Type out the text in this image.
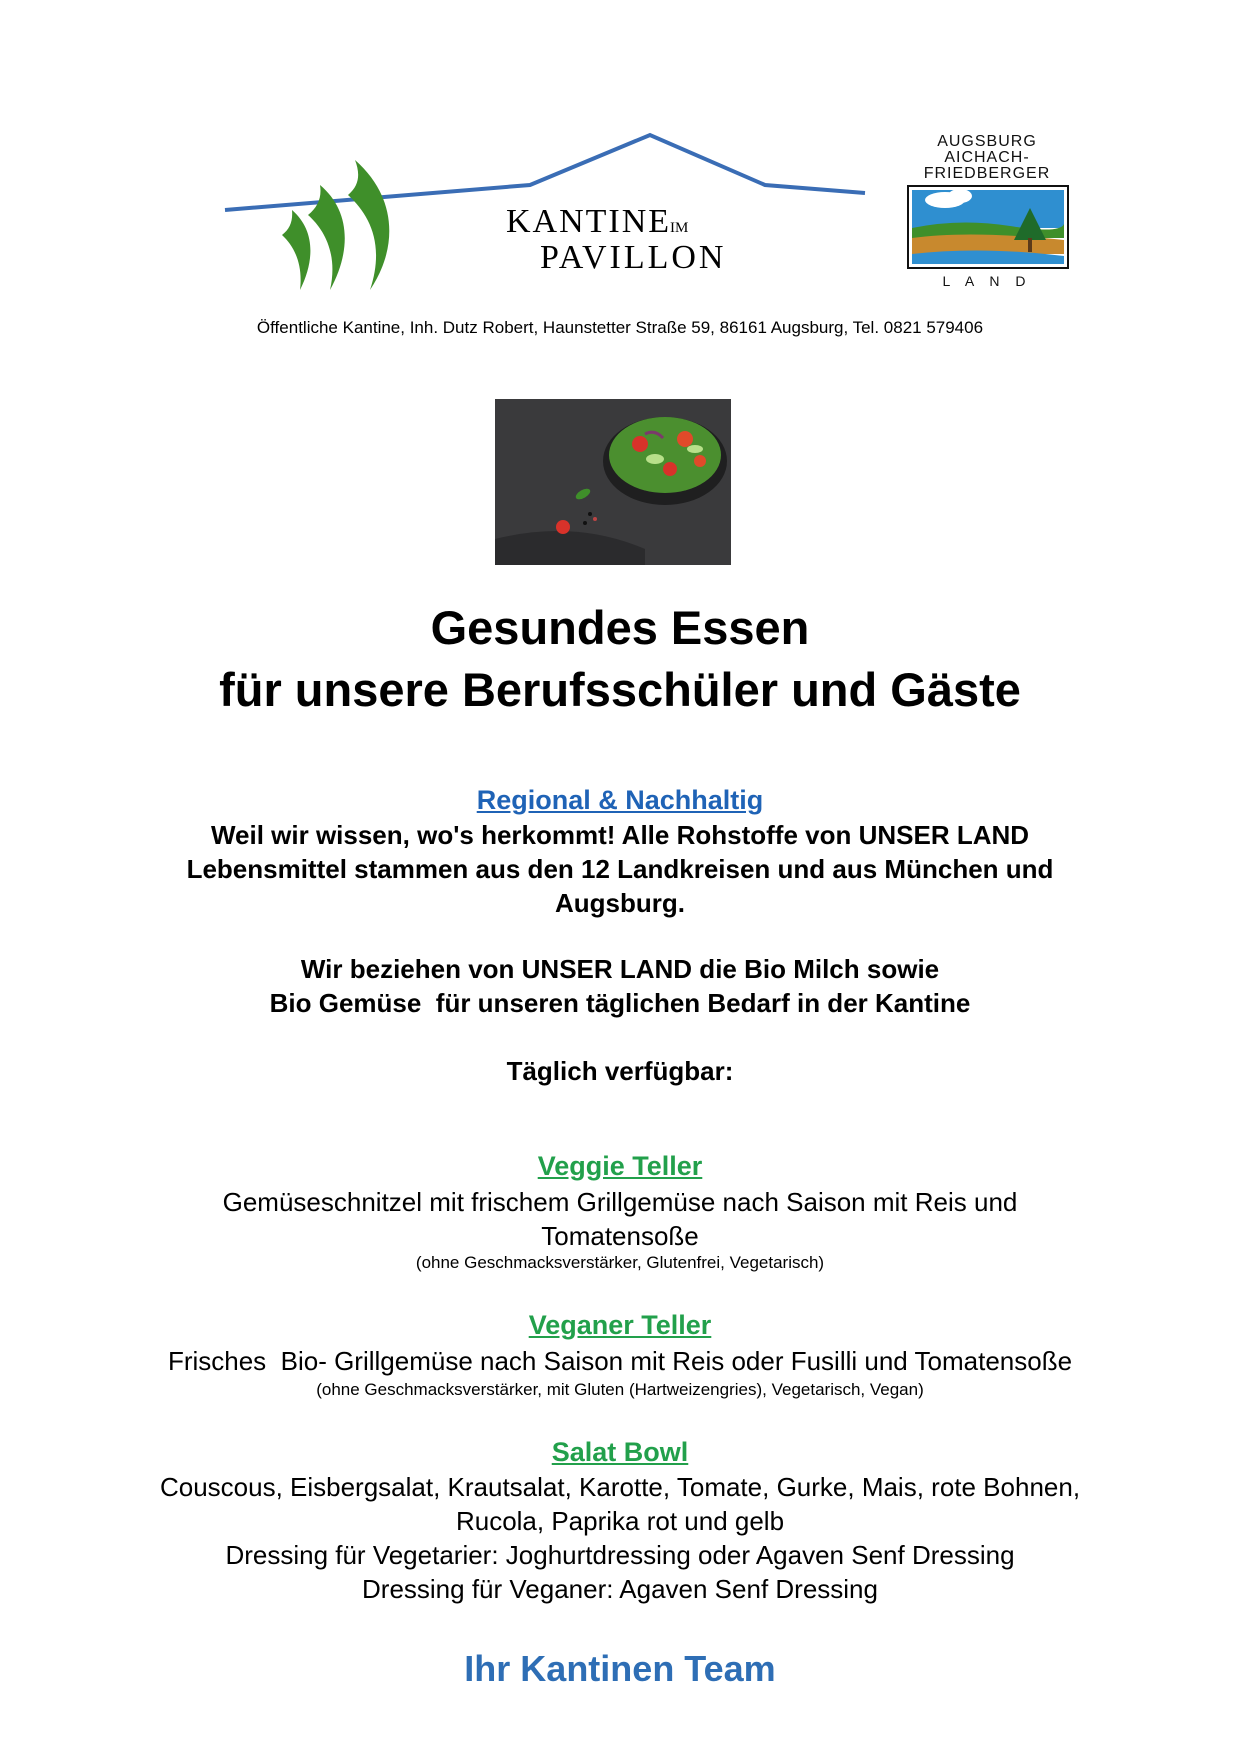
KANTINE
IM
PAVILLON
AUGSBURG
AICHACH-
FRIEDBERGER
L A N D
Öffentliche Kantine, Inh. Dutz Robert, Haunstetter Straße 59, 86161 Augsburg, Tel. 0821 579406
Gesundes Essen
für unsere Berufsschüler und Gäste
Regional & Nachhaltig
Weil wir wissen, wo's herkommt! Alle Rohstoffe von UNSER LAND
Lebensmittel stammen aus den 12 Landkreisen und aus München und
Augsburg.
Wir beziehen von UNSER LAND die Bio Milch sowie
Bio Gemüse  für unseren täglichen Bedarf in der Kantine
Täglich verfügbar:
Veggie Teller
Gemüseschnitzel mit frischem Grillgemüse nach Saison mit Reis und
Tomatensoße
(ohne Geschmacksverstärker, Glutenfrei, Vegetarisch)
Veganer Teller
Frisches  Bio- Grillgemüse nach Saison mit Reis oder Fusilli und Tomatensoße
(ohne Geschmacksverstärker, mit Gluten (Hartweizengries), Vegetarisch, Vegan)
Salat Bowl
Couscous, Eisbergsalat, Krautsalat, Karotte, Tomate, Gurke, Mais, rote Bohnen,
Rucola, Paprika rot und gelb
Dressing für Vegetarier: Joghurtdressing oder Agaven Senf Dressing
Dressing für Veganer: Agaven Senf Dressing
Ihr Kantinen Team
